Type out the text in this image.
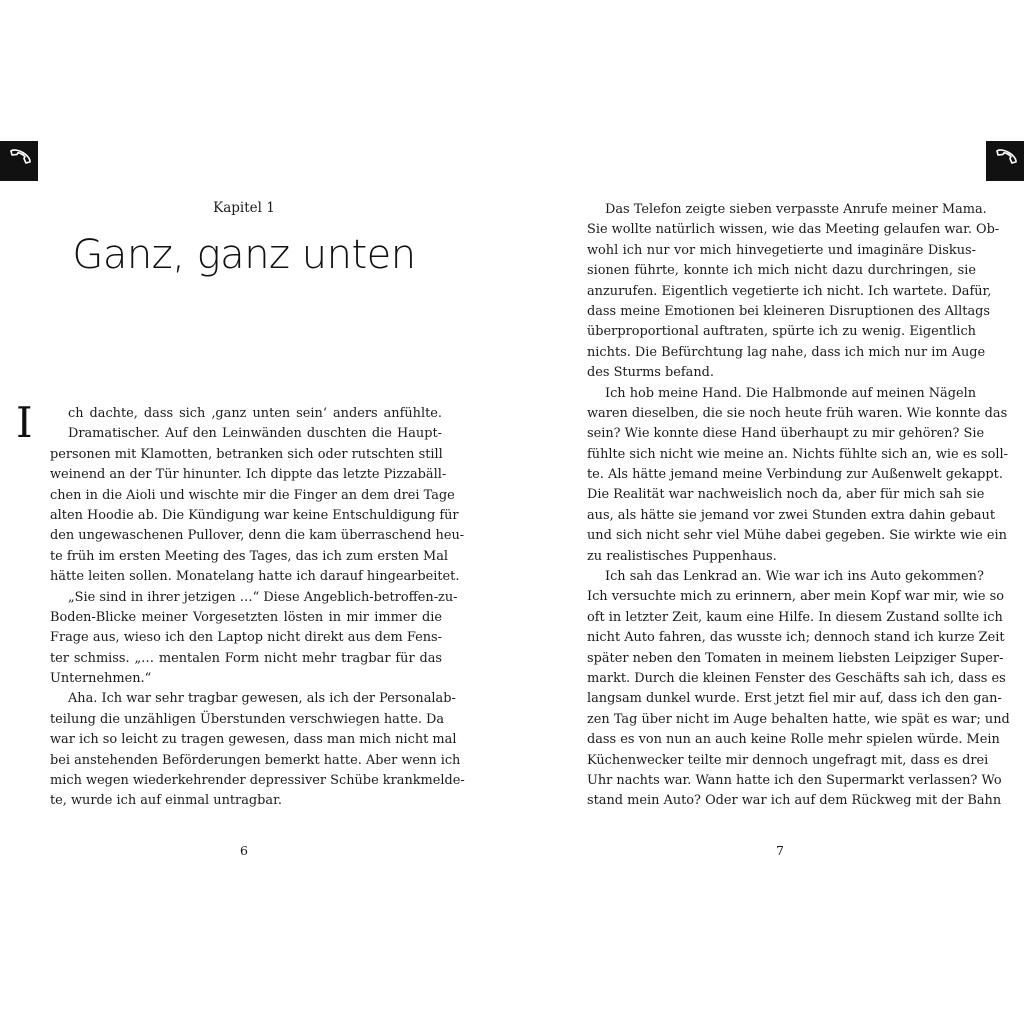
Kapitel 1
Ganz, ganz unten
I	ch dachte, dass sich ‚ganz unten sein‘ anders anfühlte.
Dramatischer. Auf den Leinwänden duschten die Haupt-
personen mit Klamotten, betranken sich oder rutschten still
weinend an der Tür hinunter. Ich dippte das letzte Pizzabäll-
chen in die Aioli und wischte mir die Finger an dem drei Tage
alten Hoodie ab. Die Kündigung war keine Entschuldigung für
den ungewaschenen Pullover, denn die kam überraschend heu-
te früh im ersten Meeting des Tages, das ich zum ersten Mal
hätte leiten sollen. Monatelang hatte ich darauf hingearbeitet.
„Sie sind in ihrer jetzigen …“ Diese Angeblich-betroffen-zu-
Boden-Blicke meiner Vorgesetzten lösten in mir immer die
Frage aus, wieso ich den Laptop nicht direkt aus dem Fens-
ter schmiss. „… mentalen Form nicht mehr tragbar für das
Unternehmen.“
Aha. Ich war sehr tragbar gewesen, als ich der Personalab-
teilung die unzähligen Überstunden verschwiegen hatte. Da
war ich so leicht zu tragen gewesen, dass man mich nicht mal
bei anstehenden Beförderungen bemerkt hatte. Aber wenn ich
mich wegen wiederkehrender depressiver Schübe krankmelde-
te, wurde ich auf einmal untragbar.
6
Das Telefon zeigte sieben verpasste Anrufe meiner Mama.
Sie wollte natürlich wissen, wie das Meeting gelaufen war. Ob-
wohl ich nur vor mich hinvegetierte und imaginäre Diskus-
sionen führte, konnte ich mich nicht dazu durchringen, sie
anzurufen. Eigentlich vegetierte ich nicht. Ich wartete. Dafür,
dass meine Emotionen bei kleineren Disruptionen des Alltags
überproportional auftraten, spürte ich zu wenig. Eigentlich
nichts. Die Befürchtung lag nahe, dass ich mich nur im Auge
des Sturms befand.
Ich hob meine Hand. Die Halbmonde auf meinen Nägeln
waren dieselben, die sie noch heute früh waren. Wie konnte das
sein? Wie konnte diese Hand überhaupt zu mir gehören? Sie
fühlte sich nicht wie meine an. Nichts fühlte sich an, wie es soll-
te. Als hätte jemand meine Verbindung zur Außenwelt gekappt.
Die Realität war nachweislich noch da, aber für mich sah sie
aus, als hätte sie jemand vor zwei Stunden extra dahin gebaut
und sich nicht sehr viel Mühe dabei gegeben. Sie wirkte wie ein
zu realistisches Puppenhaus.
Ich sah das Lenkrad an. Wie war ich ins Auto gekommen?
Ich versuchte mich zu erinnern, aber mein Kopf war mir, wie so
oft in letzter Zeit, kaum eine Hilfe. In diesem Zustand sollte ich
nicht Auto fahren, das wusste ich; dennoch stand ich kurze Zeit
später neben den Tomaten in meinem liebsten Leipziger Super-
markt. Durch die kleinen Fenster des Geschäfts sah ich, dass es
langsam dunkel wurde. Erst jetzt fiel mir auf, dass ich den gan-
zen Tag über nicht im Auge behalten hatte, wie spät es war; und
dass es von nun an auch keine Rolle mehr spielen würde. Mein
Küchenwecker teilte mir dennoch ungefragt mit, dass es drei
Uhr nachts war. Wann hatte ich den Supermarkt verlassen? Wo
stand mein Auto? Oder war ich auf dem Rückweg mit der Bahn
7
